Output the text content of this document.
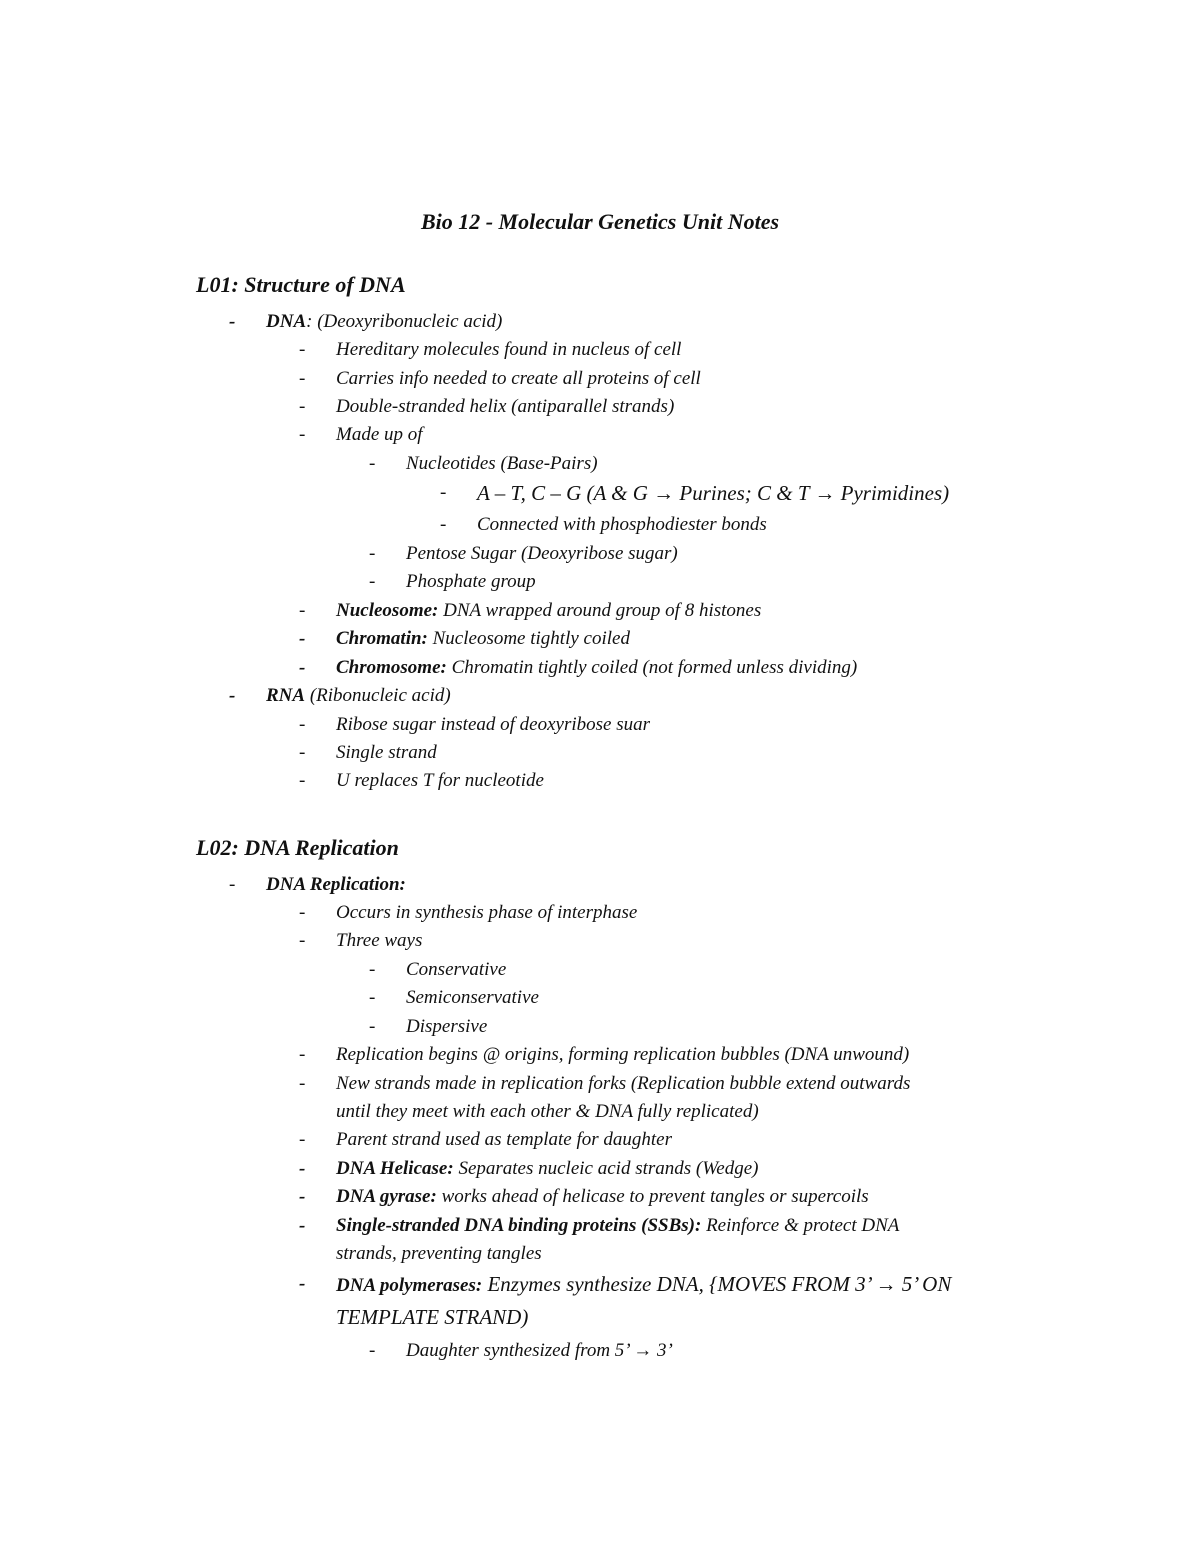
Bio 12 - Molecular Genetics Unit Notes
L01: Structure of DNA
- DNA: (Deoxyribonucleic acid)
- Hereditary molecules found in nucleus of cell
- Carries info needed to create all proteins of cell
- Double-stranded helix (antiparallel strands)
- Made up of
- Nucleotides (Base-Pairs)
- A – T, C – G (A & G → Purines; C & T → Pyrimidines)
- Connected with phosphodiester bonds
- Pentose Sugar (Deoxyribose sugar)
- Phosphate group
- Nucleosome: DNA wrapped around group of 8 histones
- Chromatin: Nucleosome tightly coiled
- Chromosome: Chromatin tightly coiled (not formed unless dividing)
- RNA (Ribonucleic acid)
- Ribose sugar instead of deoxyribose suar
- Single strand
- U replaces T for nucleotide
L02: DNA Replication
- DNA Replication:
- Occurs in synthesis phase of interphase
- Three ways
- Conservative
- Semiconservative
- Dispersive
- Replication begins @ origins, forming replication bubbles (DNA unwound)
- New strands made in replication forks (Replication bubble extend outwards
until they meet with each other & DNA fully replicated)
- Parent strand used as template for daughter
- DNA Helicase: Separates nucleic acid strands (Wedge)
- DNA gyrase: works ahead of helicase to prevent tangles or supercoils
- Single-stranded DNA binding proteins (SSBs): Reinforce & protect DNA
strands, preventing tangles
- DNA polymerases: Enzymes synthesize DNA, {MOVES FROM 3’ → 5’ ON
TEMPLATE STRAND)
- Daughter synthesized from 5’ → 3’
